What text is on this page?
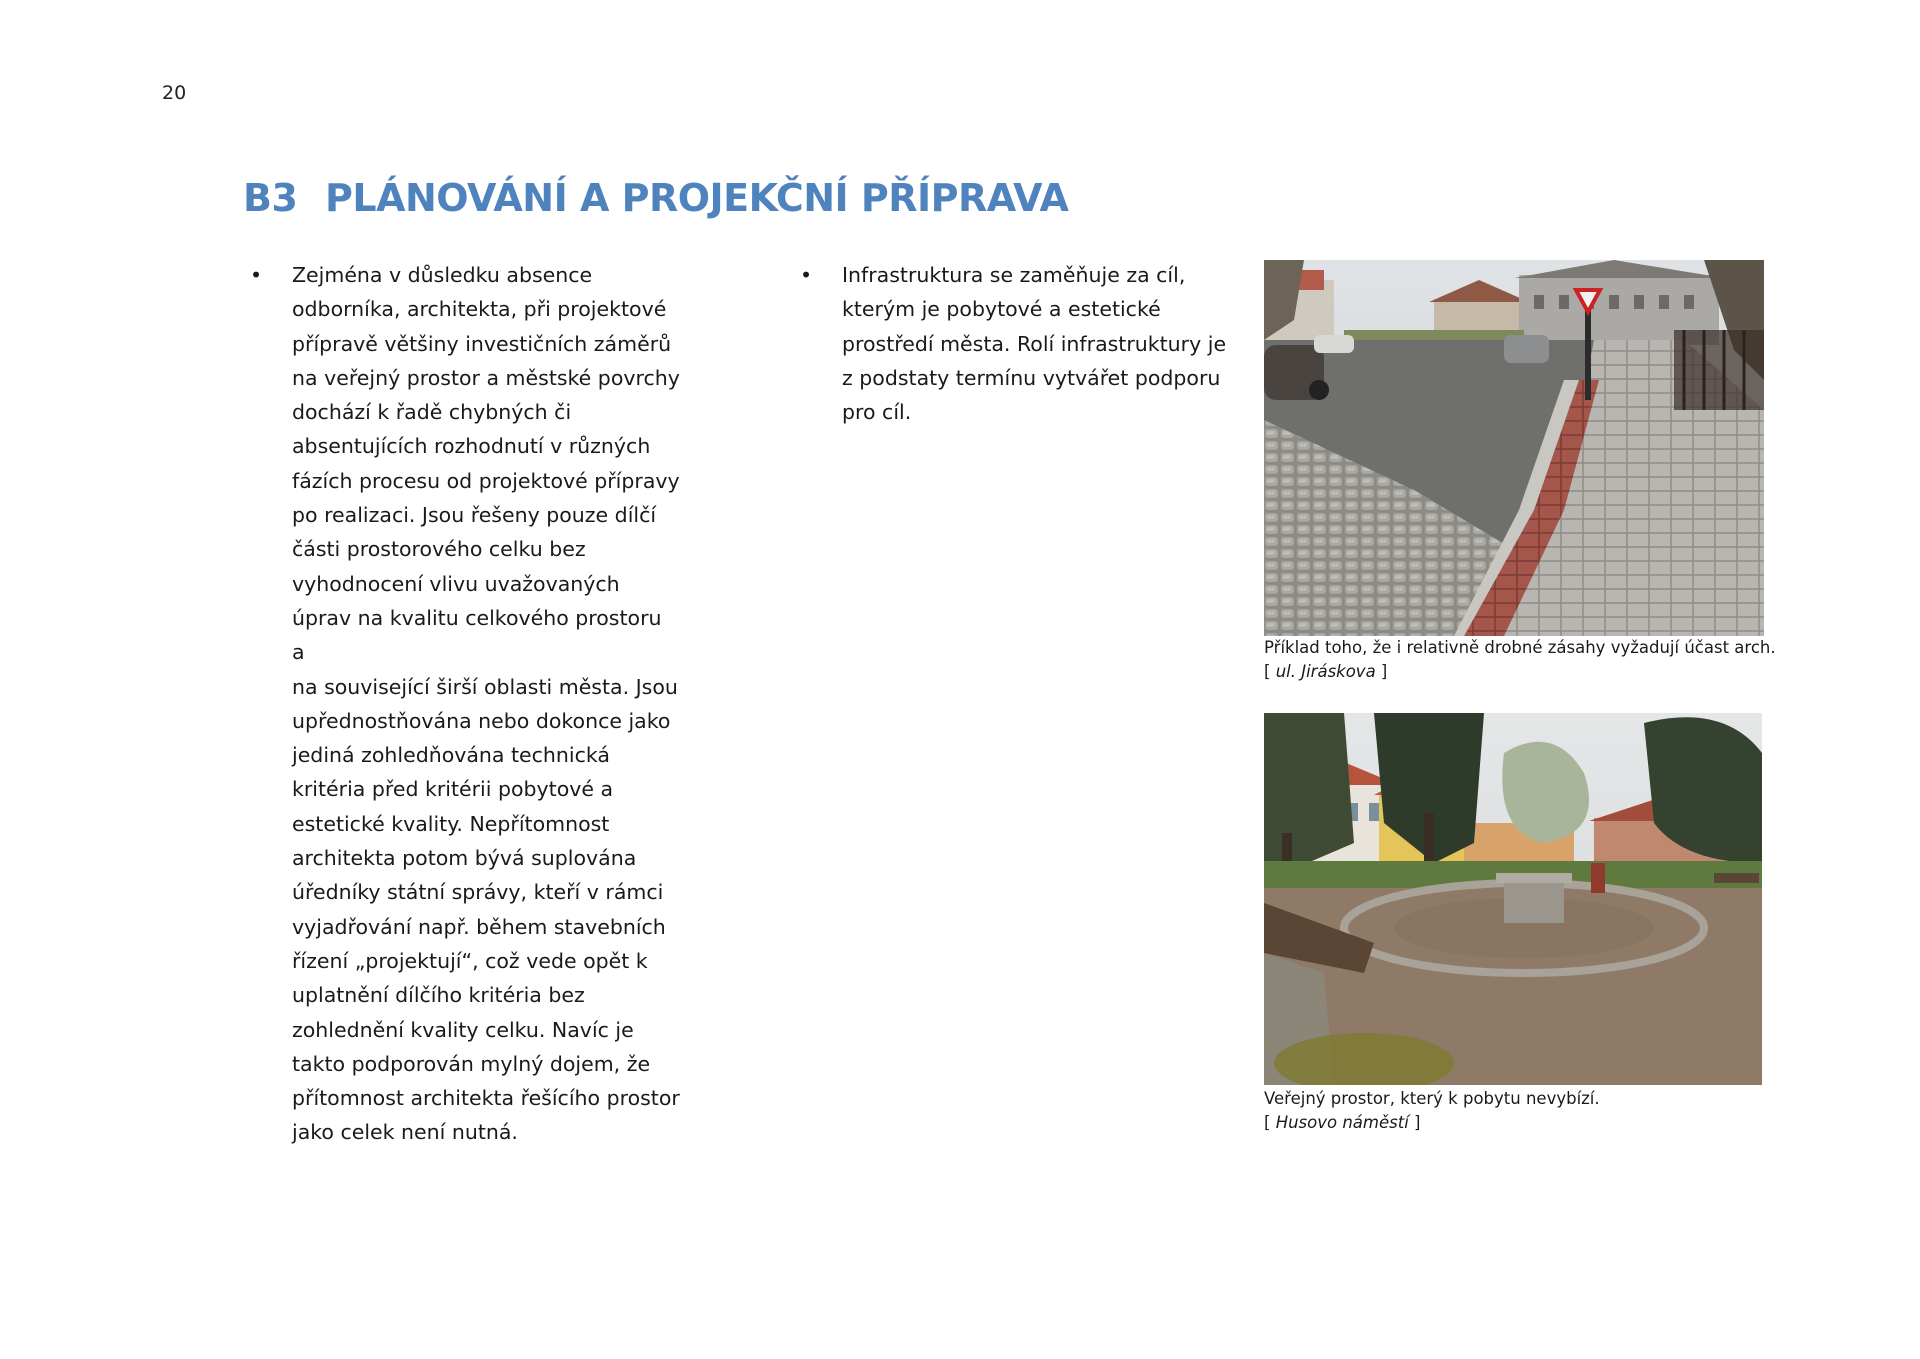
20
B3 PLÁNOVÁNÍ A PROJEKČNÍ PŘÍPRAVA
• Zejména v důsledku absence
odborníka, architekta, při projektové
přípravě většiny investičních záměrů
na veřejný prostor a městské povrchy
dochází k řadě chybných či
absentujících rozhodnutí v různých
fázích procesu od projektové přípravy
po realizaci. Jsou řešeny pouze dílčí
části prostorového celku bez
vyhodnocení vlivu uvažovaných
úprav na kvalitu celkového prostoru a
na související širší oblasti města. Jsou
upřednostňována nebo dokonce jako
jediná zohledňována technická
kritéria před kritérii pobytové a
estetické kvality. Nepřítomnost
architekta potom bývá suplována
úředníky státní správy, kteří v rámci
vyjadřování např. během stavebních
řízení „projektují“, což vede opět k
uplatnění dílčího kritéria bez
zohlednění kvality celku. Navíc je
takto podporován mylný dojem, že
přítomnost architekta řešícího prostor
jako celek není nutná.
• Infrastruktura se zaměňuje za cíl,
kterým je pobytové a estetické
prostředí města. Rolí infrastruktury je
z podstaty termínu vytvářet podporu
pro cíl.
Příklad toho, že i relativně drobné zásahy vyžadují účast arch.
[ ul. Jiráskova ]
Veřejný prostor, který k pobytu nevybízí.
[ Husovo náměstí ]
